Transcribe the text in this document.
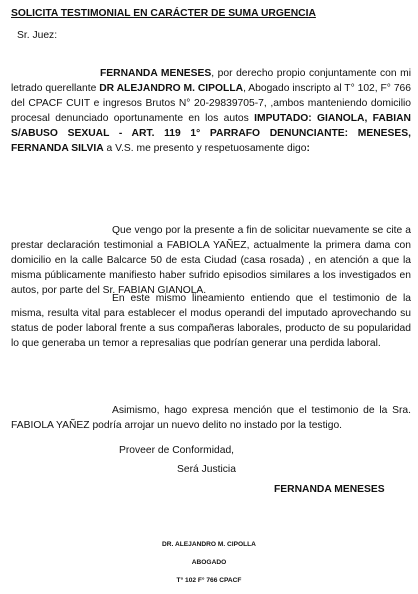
SOLICITA TESTIMONIAL EN CARÁCTER DE SUMA URGENCIA
Sr. Juez:
FERNANDA MENESES, por derecho propio conjuntamente con mi letrado querellante DR ALEJANDRO M. CIPOLLA, Abogado inscripto al T° 102, F° 766 del CPACF CUIT e ingresos Brutos N° 20-29839705-7, ,ambos manteniendo domicilio procesal denunciado oportunamente en los autos IMPUTADO: GIANOLA, FABIAN S/ABUSO SEXUAL - ART. 119 1° PARRAFO DENUNCIANTE: MENESES, FERNANDA SILVIA a V.S. me presento y respetuosamente digo:
Que vengo por la presente a fin de solicitar nuevamente se cite a prestar declaración testimonial a FABIOLA YAÑEZ, actualmente la primera dama con domicilio en la calle Balcarce 50 de esta Ciudad (casa rosada) , en atención a que la misma públicamente manifiesto haber sufrido episodios similares a los investigados en autos, por parte del Sr. FABIAN GIANOLA.
En este mismo lineamiento entiendo que el testimonio de la misma, resulta vital para establecer el modus operandi del imputado aprovechando su status de poder laboral frente a sus compañeras laborales, producto de su popularidad lo que generaba un temor a represalias que podrían generar una perdida laboral.
Asimismo, hago expresa mención que el testimonio de la Sra. FABIOLA YAÑEZ podría arrojar un nuevo delito no instado por la testigo.
Proveer de Conformidad,
Será Justicia
FERNANDA MENESES
DR. ALEJANDRO M. CIPOLLA
ABOGADO
T° 102 F° 766 CPACF
